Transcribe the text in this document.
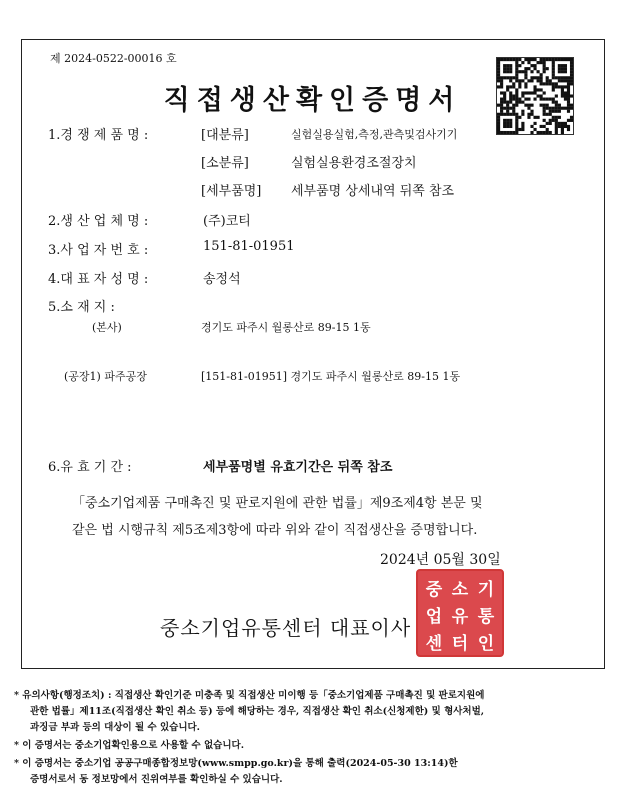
제 2024-0522-00016 호
직접생산확인증명서
1.경 쟁 제 품 명 :	[대분류]	실험실용실험,측정,관측및검사기기
[소분류]	실험실용환경조절장치
[세부품명] 세부품명 상세내역 뒤쪽 참조
2.생 산 업 체 명 :	(주)코티
3.사 업 자 번 호 :	151-81-01951
4.대 표 자 성 명 :	송정석
5.소 재 지 :
(본사)	경기도 파주시 월롱산로 89-15 1동
(공장1) 파주공장	[151-81-01951] 경기도 파주시 월롱산로 89-15 1동
6.유 효 기 간 :	세부품명별 유효기간은 뒤쪽 참조
「중소기업제품 구매촉진 및 판로지원에 관한 법률」제9조제4항 본문 및
같은 법 시행규칙 제5조제3항에 따라 위와 같이 직접생산을 증명합니다.
2024년 05월 30일
중 소 기
업 유 통
센 터 인
중소기업유통센터 대표이사
* 유의사항(행정조치) : 직접생산 확인기준 미충족 및 직접생산 미이행 등「중소기업제품 구매촉진 및 판로지원에
관한 법률」제11조(직접생산 확인 취소 등) 등에 해당하는 경우, 직접생산 확인 취소(신청제한) 및 형사처벌,
과징금 부과 등의 대상이 될 수 있습니다.
* 이 증명서는 중소기업확인용으로 사용할 수 없습니다.
* 이 증명서는 중소기업 공공구매종합정보망(www.smpp.go.kr)을 통해 출력(2024-05-30 13:14)한
증명서로서 동 정보망에서 진위여부를 확인하실 수 있습니다.
